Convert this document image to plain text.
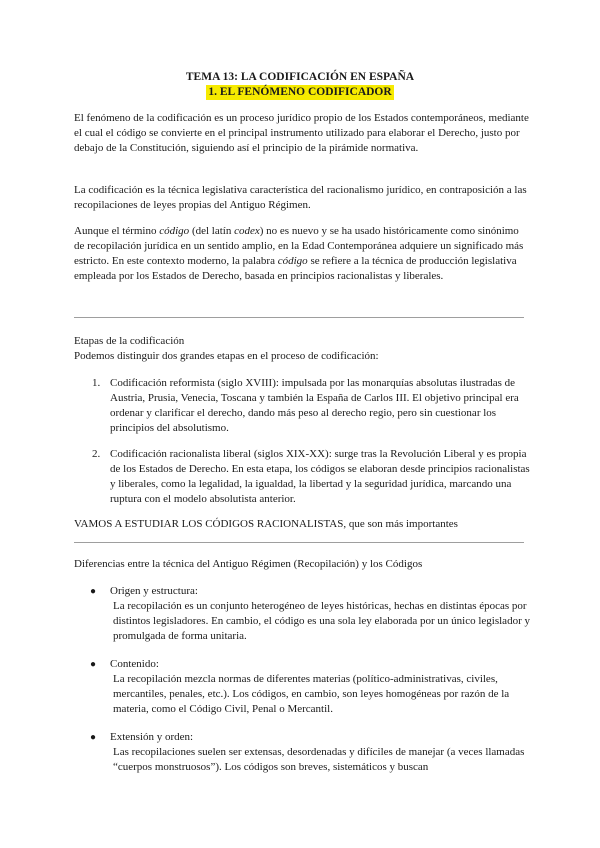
TEMA 13: LA CODIFICACIÓN EN ESPAÑA
1. EL FENÓMENO CODIFICADOR
El fenómeno de la codificación es un proceso jurídico propio de los Estados contemporáneos, mediante el cual el código se convierte en el principal instrumento utilizado para elaborar el Derecho, justo por debajo de la Constitución, siguiendo así el principio de la pirámide normativa.
La codificación es la técnica legislativa característica del racionalismo jurídico, en contraposición a las recopilaciones de leyes propias del Antiguo Régimen.
Aunque el término código (del latín codex) no es nuevo y se ha usado históricamente como sinónimo de recopilación jurídica en un sentido amplio, en la Edad Contemporánea adquiere un significado más estricto. En este contexto moderno, la palabra código se refiere a la técnica de producción legislativa empleada por los Estados de Derecho, basada en principios racionalistas y liberales.
Etapas de la codificación
Podemos distinguir dos grandes etapas en el proceso de codificación:
1. Codificación reformista (siglo XVIII): impulsada por las monarquías absolutas ilustradas de Austria, Prusia, Venecia, Toscana y también la España de Carlos III. El objetivo principal era ordenar y clarificar el derecho, dando más peso al derecho regio, pero sin cuestionar los principios del absolutismo.
2. Codificación racionalista liberal (siglos XIX-XX): surge tras la Revolución Liberal y es propia de los Estados de Derecho. En esta etapa, los códigos se elaboran desde principios racionalistas y liberales, como la legalidad, la igualdad, la libertad y la seguridad jurídica, marcando una ruptura con el modelo absolutista anterior.
VAMOS A ESTUDIAR LOS CÓDIGOS RACIONALISTAS, que son más importantes
Diferencias entre la técnica del Antiguo Régimen (Recopilación) y los Códigos
● Origen y estructura:
La recopilación es un conjunto heterogéneo de leyes históricas, hechas en distintas épocas por distintos legisladores. En cambio, el código es una sola ley elaborada por un único legislador y promulgada de forma unitaria.
● Contenido:
La recopilación mezcla normas de diferentes materias (político-administrativas, civiles, mercantiles, penales, etc.). Los códigos, en cambio, son leyes homogéneas por razón de la materia, como el Código Civil, Penal o Mercantil.
● Extensión y orden:
Las recopilaciones suelen ser extensas, desordenadas y difíciles de manejar (a veces llamadas “cuerpos monstruosos”). Los códigos son breves, sistemáticos y buscan
